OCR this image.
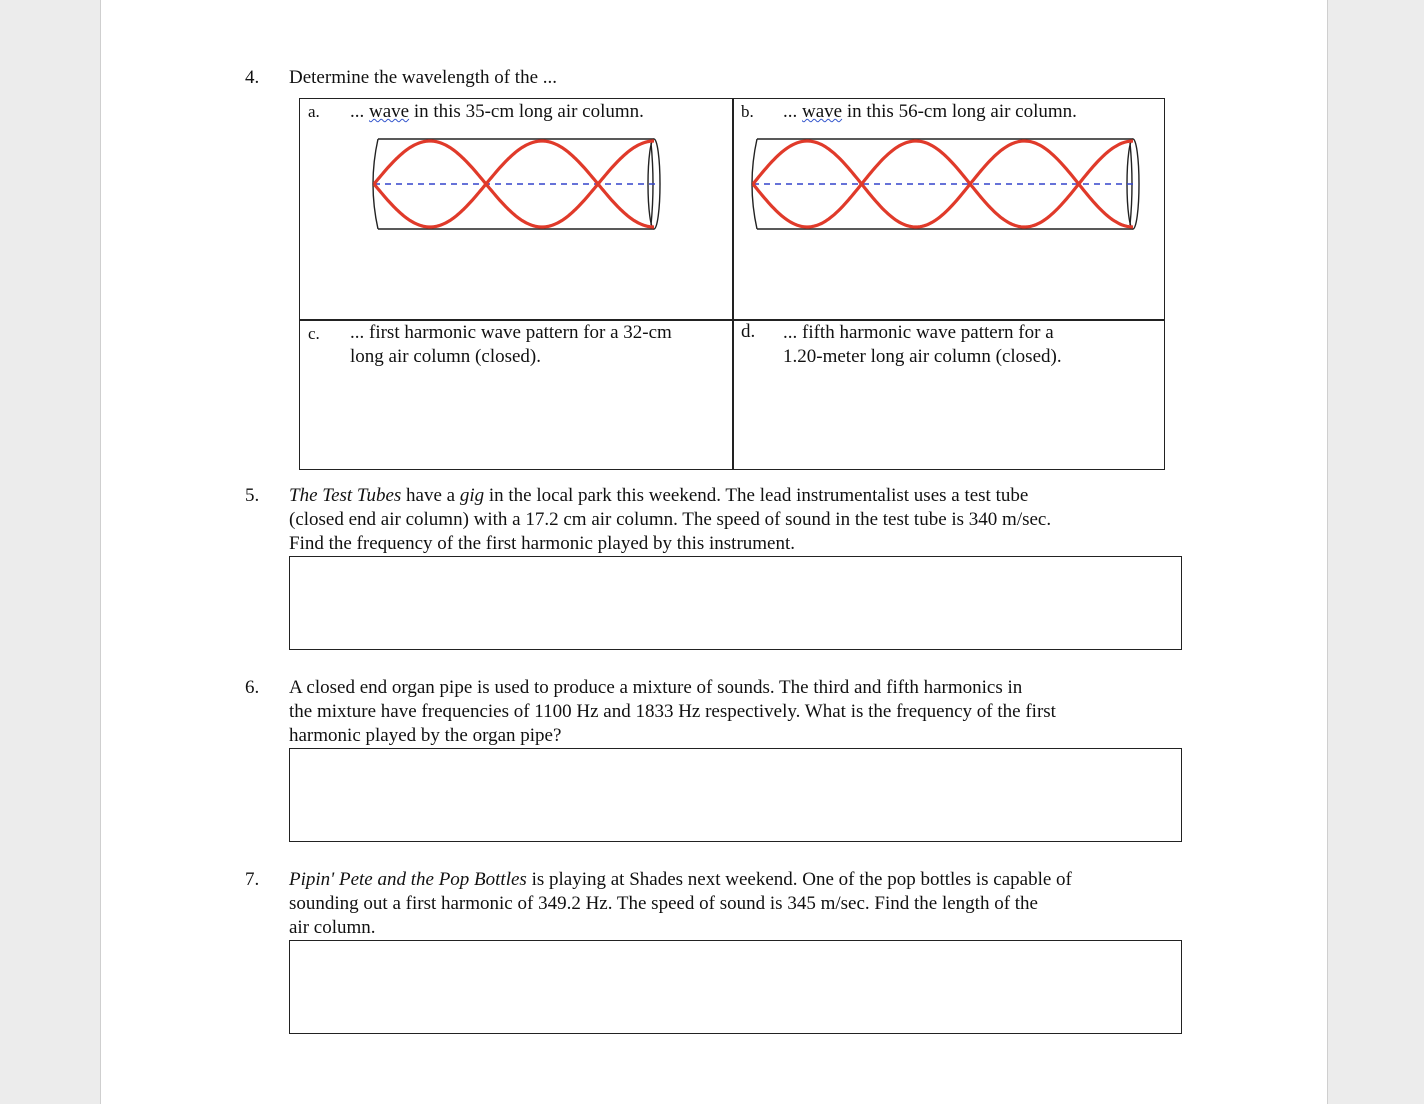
4. Determine the wavelength of the ...
a. ... wave in this 35-cm long air column.	b. ... wave in this 56-cm long air column.
c. ... first harmonic wave pattern for a 32-cm
long air column (closed).
d. ... fifth harmonic wave pattern for a
1.20-meter long air column (closed).
5. The Test Tubes have a gig in the local park this weekend. The lead instrumentalist uses a test tube
(closed end air column) with a 17.2 cm air column. The speed of sound in the test tube is 340 m/sec.
Find the frequency of the first harmonic played by this instrument.
6. A closed end organ pipe is used to produce a mixture of sounds. The third and fifth harmonics in
the mixture have frequencies of 1100 Hz and 1833 Hz respectively. What is the frequency of the first
harmonic played by the organ pipe?
7. Pipin' Pete and the Pop Bottles is playing at Shades next weekend. One of the pop bottles is capable of
sounding out a first harmonic of 349.2 Hz. The speed of sound is 345 m/sec. Find the length of the
air column.
